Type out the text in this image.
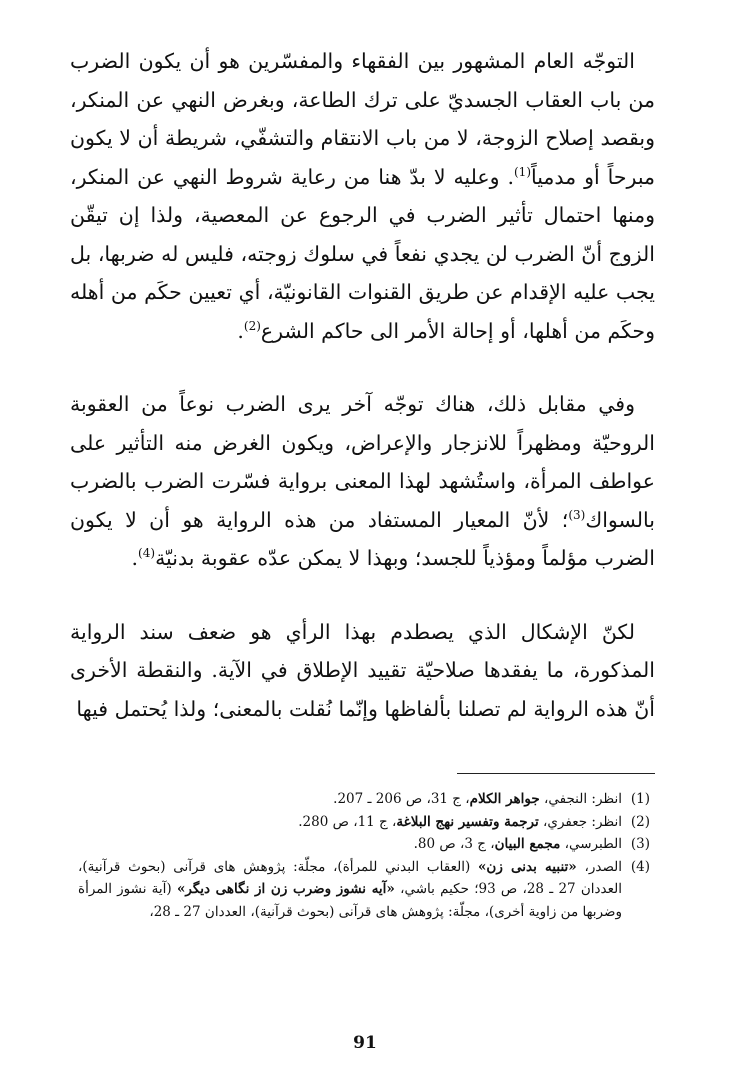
التوجّه العام المشهور بين الفقهاء والمفسّرين هو أن يكون الضرب من باب العقاب الجسديّ على ترك الطاعة، وبغرض النهي عن المنكر، وبقصد إصلاح الزوجة، لا من باب الانتقام والتشفّي، شريطة أن لا يكون مبرحاً أو مدمياً$^{(1)}$. وعليه لا بدّ هنا من رعاية شروط النهي عن المنكر، ومنها احتمال تأثير الضرب في الرجوع عن المعصية، ولذا إن تيقّن الزوج أنّ الضرب لن يجدي نفعاً في سلوك زوجته، فليس له ضربها، بل يجب عليه الإقدام عن طريق القنوات القانونيّة، أي تعيين حكَم من أهله وحكَم من أهلها، أو إحالة الأمر الى حاكم الشرع$^{(2)}$.

وفي مقابل ذلك، هناك توجّه آخر يرى الضرب نوعاً من العقوبة الروحيّة ومظهراً للانزجار والإعراض، ويكون الغرض منه التأثير على عواطف المرأة، واستُشهد لهذا المعنى برواية فسّرت الضرب بالضرب بالسواك$^{(3)}$؛ لأنّ المعيار المستفاد من هذه الرواية هو أن لا يكون الضرب مؤلماً ومؤذياً للجسد؛ وبهذا لا يمكن عدّه عقوبة بدنيّة$^{(4)}$.

لكنّ الإشكال الذي يصطدم بهذا الرأي هو ضعف سند الرواية المذكورة، ما يفقدها صلاحيّة تقييد الإطلاق في الآية. والنقطة الأخرى أنّ هذه الرواية لم تصلنا بألفاظها وإنّما نُقلت بالمعنى؛ ولذا يُحتمل فيها

(1)
انظر: النجفي، جواهر الكلام، ج 31، ص 206 ـ 207.
(2)
انظر: جعفري، ترجمة وتفسير نهج البلاغة، ج 11، ص 280.
(3)
الطبرسي، مجمع البيان، ج 3، ص 80.
(4)
الصدر، «تنبيه بدنى زن» (العقاب البدني للمرأة)، مجلّة: پژوهش هاى قرآنى (بحوث قرآنية)، العددان 27 ـ 28، ص 93؛ حكيم باشي، «آيه نشوز وضرب زن از نگاهى ديگر» (آية نشوز المرأة وضربها من زاوية أخرى)، مجلّة: پژوهش هاى قرآنى (بحوث قرآنية)، العددان 27 ـ 28،
91
